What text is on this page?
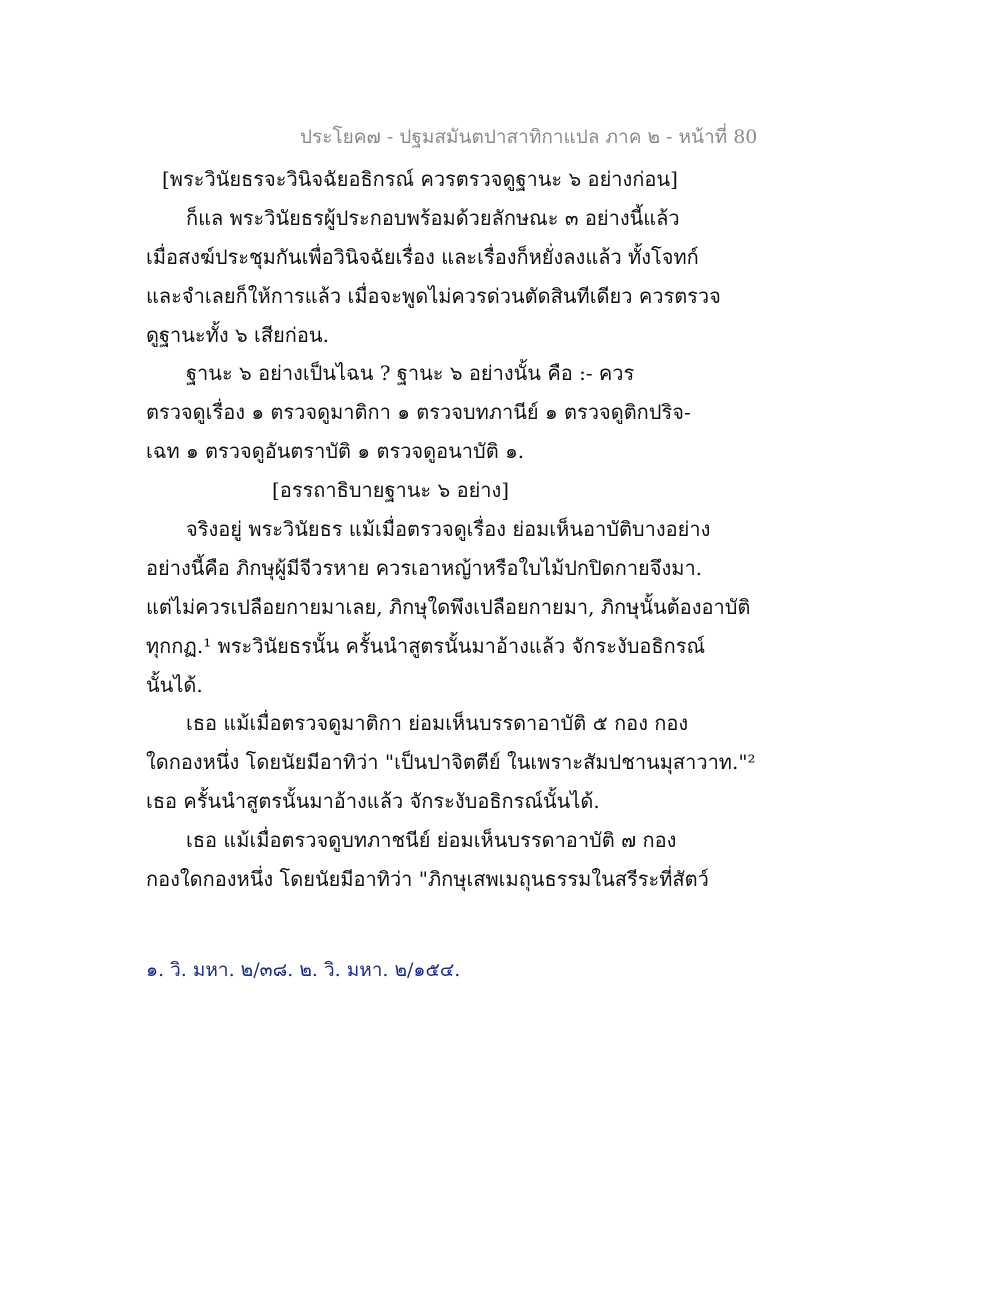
ประโยค๗ - ปฐมสมันตปาสาทิกาแปล ภาค ๒ - หน้าที่ 80
[พระวินัยธรจะวินิจฉัยอธิกรณ์ ควรตรวจดูฐานะ ๖ อย่างก่อน]
ก็แล พระวินัยธรผู้ประกอบพร้อมด้วยลักษณะ ๓ อย่างนี้แล้ว
เมื่อสงฆ์ประชุมกันเพื่อวินิจฉัยเรื่อง และเรื่องก็หยั่งลงแล้ว ทั้งโจทก์
และจำเลยก็ให้การแล้ว เมื่อจะพูดไม่ควรด่วนตัดสินทีเดียว ควรตรวจ
ดูฐานะทั้ง ๖ เสียก่อน.
ฐานะ ๖ อย่างเป็นไฉน ? ฐานะ ๖ อย่างนั้น คือ :- ควร
ตรวจดูเรื่อง ๑ ตรวจดูมาติกา ๑ ตรวจบทภานีย์ ๑ ตรวจดูติกปริจ-
เฉท ๑ ตรวจดูอันตราบัติ ๑ ตรวจดูอนาบัติ ๑.
[อรรถาธิบายฐานะ ๖ อย่าง]
จริงอยู่ พระวินัยธร แม้เมื่อตรวจดูเรื่อง ย่อมเห็นอาบัติบางอย่าง
อย่างนี้คือ ภิกษุผู้มีจีวรหาย ควรเอาหญ้าหรือใบไม้ปกปิดกายจึงมา.
แต่ไม่ควรเปลือยกายมาเลย, ภิกษุใดพึงเปลือยกายมา, ภิกษุนั้นต้องอาบัติ
ทุกกฏ.¹ พระวินัยธรนั้น ครั้นนำสูตรนั้นมาอ้างแล้ว จักระงับอธิกรณ์
นั้นได้.
เธอ แม้เมื่อตรวจดูมาติกา ย่อมเห็นบรรดาอาบัติ ๕ กอง กอง
ใดกองหนึ่ง โดยนัยมีอาทิว่า "เป็นปาจิตตีย์ ในเพราะสัมปชานมุสาวาท."²
เธอ ครั้นนำสูตรนั้นมาอ้างแล้ว จักระงับอธิกรณ์นั้นได้.
เธอ แม้เมื่อตรวจดูบทภาชนีย์ ย่อมเห็นบรรดาอาบัติ ๗ กอง
กองใดกองหนึ่ง โดยนัยมีอาทิว่า "ภิกษุเสพเมถุนธรรมในสรีระที่สัตว์
๑. วิ. มหา. ๒/๓๘. ๒. วิ. มหา. ๒/๑๕๔.
